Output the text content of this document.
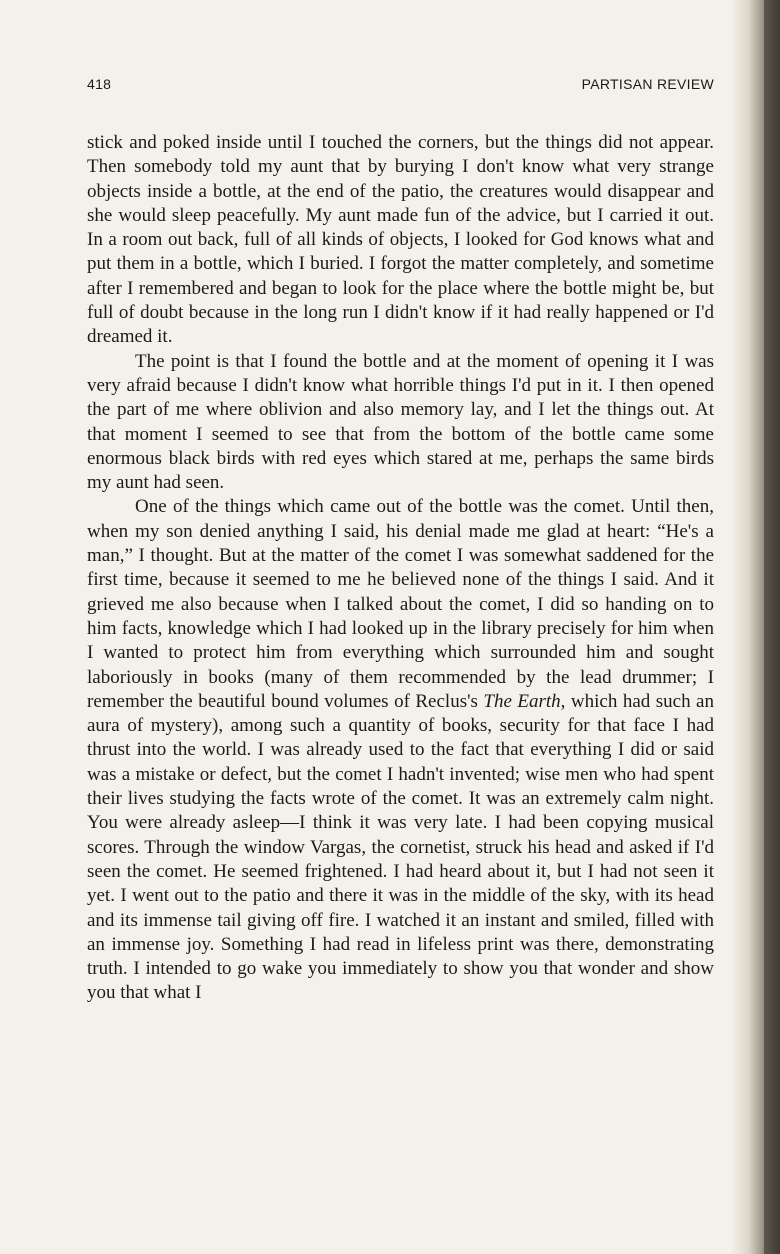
418	PARTISAN REVIEW

stick and poked inside until I touched the corners, but the things did not appear. Then somebody told my aunt that by burying I don't know what very strange objects inside a bottle, at the end of the patio, the creatures would disappear and she would sleep peacefully. My aunt made fun of the advice, but I carried it out. In a room out back, full of all kinds of objects, I looked for God knows what and put them in a bottle, which I buried. I forgot the matter completely, and sometime after I remembered and began to look for the place where the bottle might be, but full of doubt because in the long run I didn't know if it had really happened or I'd dreamed it.

The point is that I found the bottle and at the moment of opening it I was very afraid because I didn't know what horrible things I'd put in it. I then opened the part of me where oblivion and also memory lay, and I let the things out. At that moment I seemed to see that from the bottom of the bottle came some enormous black birds with red eyes which stared at me, perhaps the same birds my aunt had seen.

One of the things which came out of the bottle was the comet. Until then, when my son denied anything I said, his denial made me glad at heart: “He's a man,” I thought. But at the matter of the comet I was somewhat saddened for the first time, because it seemed to me he believed none of the things I said. And it grieved me also because when I talked about the comet, I did so handing on to him facts, knowledge which I had looked up in the library precisely for him when I wanted to protect him from everything which surrounded him and sought laboriously in books (many of them recommended by the lead drummer; I remember the beautiful bound volumes of Reclus's The Earth, which had such an aura of mystery), among such a quantity of books, security for that face I had thrust into the world. I was already used to the fact that everything I did or said was a mistake or defect, but the comet I hadn't invented; wise men who had spent their lives studying the facts wrote of the comet. It was an extremely calm night. You were already asleep—I think it was very late. I had been copying musical scores. Through the window Vargas, the cornetist, struck his head and asked if I'd seen the comet. He seemed frightened. I had heard about it, but I had not seen it yet. I went out to the patio and there it was in the middle of the sky, with its head and its immense tail giving off fire. I watched it an instant and smiled, filled with an immense joy. Something I had read in lifeless print was there, demonstrating truth. I intended to go wake you immediately to show you that wonder and show you that what I
